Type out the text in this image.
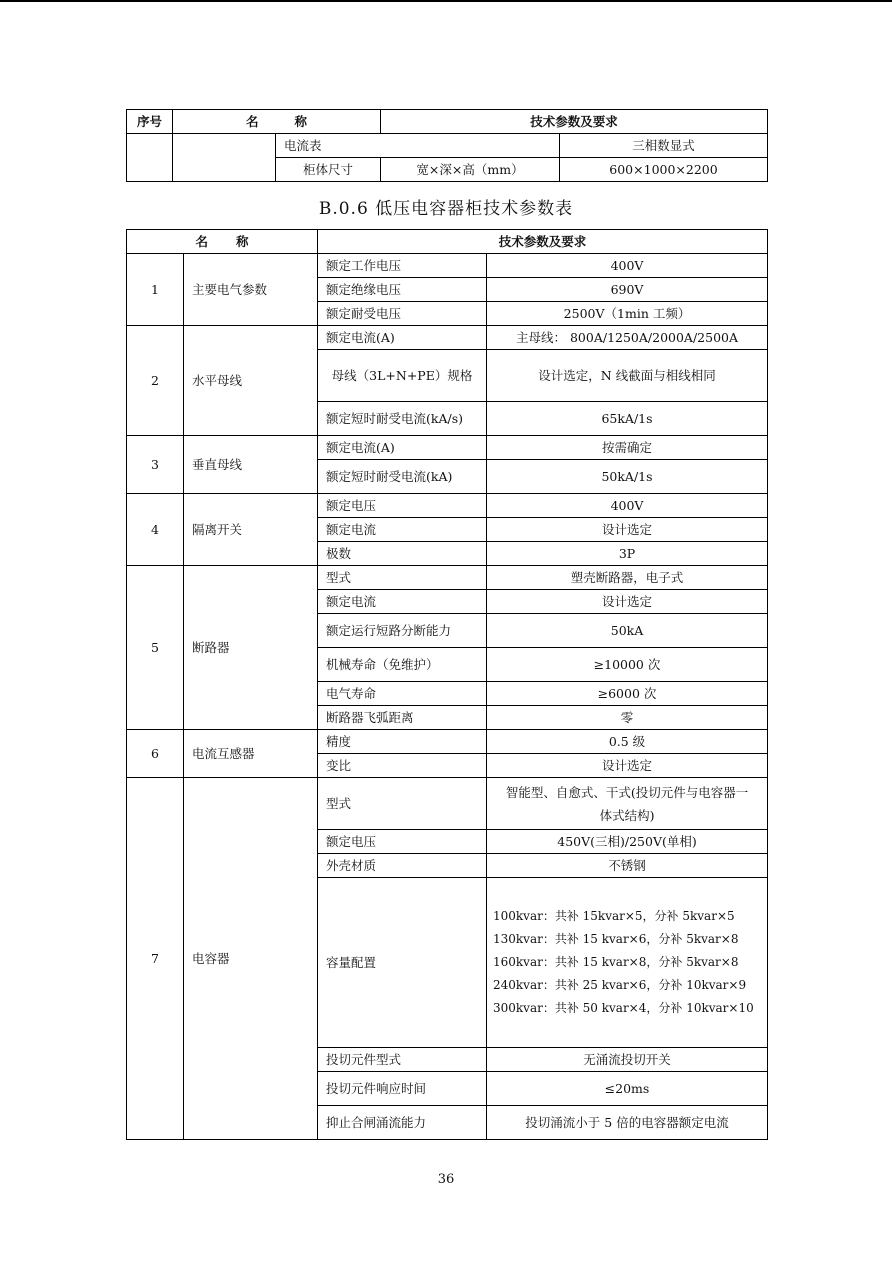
序号	名 称		技术参数及要求	
		电流表		三相数显式
		柜体尺寸	宽×深×高（mm）	600×1000×2200
B.0.6 低压电容器柜技术参数表
名 称		技术参数及要求	
1	主要电气参数	额定工作电压	400V
		额定绝缘电压	690V
		额定耐受电压	2500V（1min 工频）
2	水平母线	额定电流(A)	主母线： 800A/1250A/2000A/2500A
		母线（3L+N+PE）规格	设计选定，N 线截面与相线相同
		额定短时耐受电流(kA/s)	65kA/1s
3	垂直母线	额定电流(A)	按需确定
		额定短时耐受电流(kA)	50kA/1s
4	隔离开关	额定电压	400V
		额定电流	设计选定
		极数	3P
5	断路器	型式	塑壳断路器，电子式
		额定电流	设计选定
		额定运行短路分断能力	50kA
		机械寿命（免维护）	≥10000 次
		电气寿命	≥6000 次
		断路器飞弧距离	零
6	电流互感器	精度	0.5 级
		变比	设计选定
7	电容器	型式	智能型、自愈式、干式(投切元件与电容器一
体式结构)

		额定电压	450V(三相)/250V(单相)
		外壳材质	不锈钢
		容量配置	100kvar：共补 15kvar×5，分补 5kvar×5
130kvar：共补 15 kvar×6，分补 5kvar×8
160kvar：共补 15 kvar×8，分补 5kvar×8
240kvar：共补 25 kvar×6，分补 10kvar×9
300kvar：共补 50 kvar×4，分补 10kvar×10

		投切元件型式	无涌流投切开关
		投切元件响应时间	≤20ms
		抑止合闸涌流能力	投切涌流小于 5 倍的电容器额定电流
36
